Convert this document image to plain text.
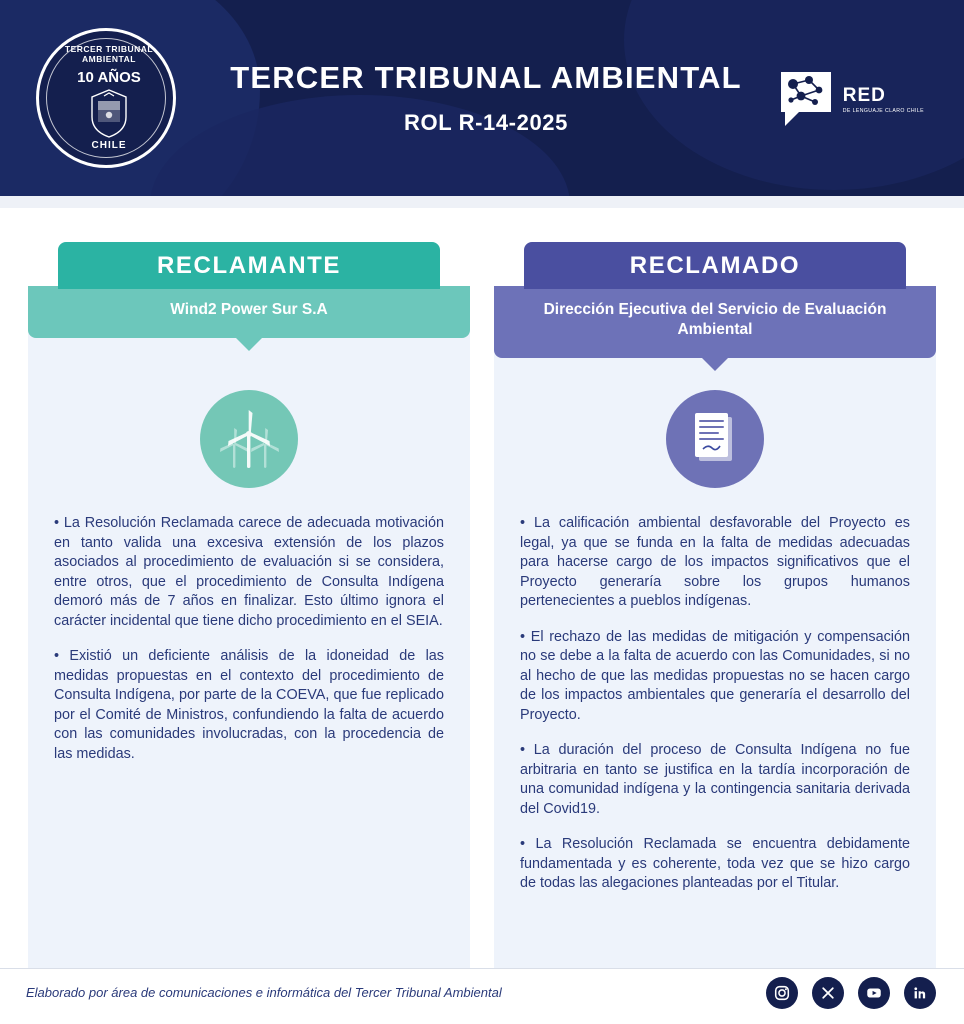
TERCER TRIBUNAL AMBIENTAL
10 AÑOS
CHILE
TERCER TRIBUNAL AMBIENTAL
ROL R-14-2025
RED
DE LENGUAJE CLARO CHILE
RECLAMANTE
Wind2 Power Sur S.A
• La Resolución Reclamada carece de adecuada motivación en tanto valida una excesiva extensión de los plazos asociados al procedimiento de evaluación si se considera, entre otros, que el procedimiento de Consulta Indígena demoró más de 7 años en finalizar. Esto último ignora el carácter incidental que tiene dicho procedimiento en el SEIA.
• Existió un deficiente análisis de la idoneidad de las medidas propuestas en el contexto del procedimiento de Consulta Indígena, por parte de la COEVA, que fue replicado por el Comité de Ministros, confundiendo la falta de acuerdo con las comunidades involucradas, con la procedencia de las medidas.
RECLAMADO
Dirección Ejecutiva del Servicio de Evaluación Ambiental
• La calificación ambiental desfavorable del Proyecto es legal, ya que se funda en la falta de medidas adecuadas para hacerse cargo de los impactos significativos que el Proyecto generaría sobre los grupos humanos pertenecientes a pueblos indígenas.
• El rechazo de las medidas de mitigación y compensación no se debe a la falta de acuerdo con las Comunidades, si no al hecho de que las medidas propuestas no se hacen cargo de los impactos ambientales que generaría el desarrollo del Proyecto.
• La duración del proceso de Consulta Indígena no fue arbitraria en tanto se justifica en la tardía incorporación de una comunidad indígena y la contingencia sanitaria derivada del Covid19.
• La Resolución Reclamada se encuentra debidamente fundamentada y es coherente, toda vez que se hizo cargo de todas las alegaciones planteadas por el Titular.
Elaborado por área de comunicaciones e informática del Tercer Tribunal Ambiental
